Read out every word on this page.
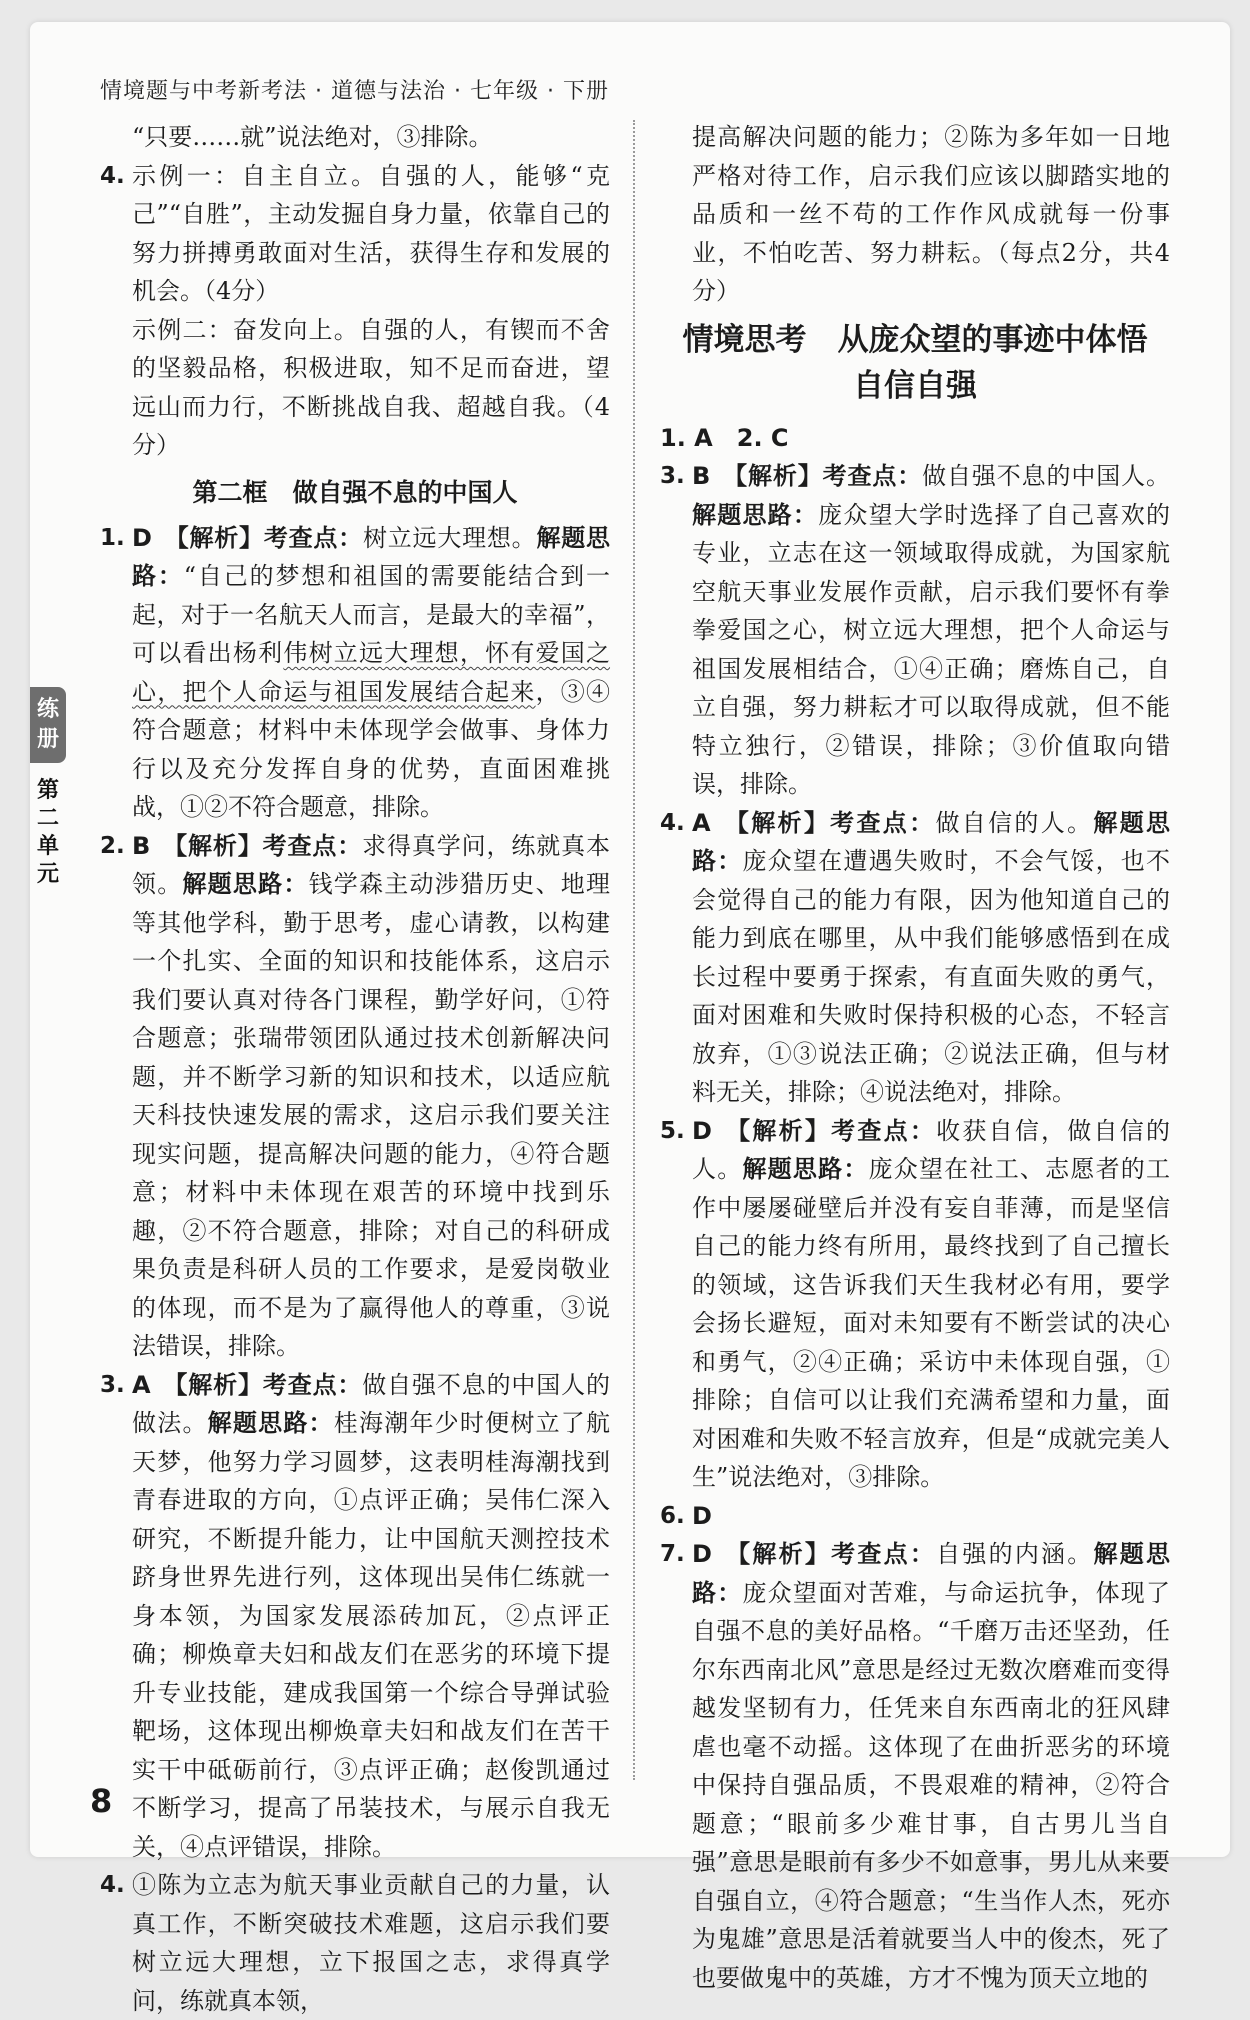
情境题与中考新考法 · 道德与法治 · 七年级 · 下册

“只要……就”说法绝对，③排除。

4. 示例一：自主自立。自强的人，能够“克己”“自胜”，主动发掘自身力量，依靠自己的努力拼搏勇敢面对生活，获得生存和发展的机会。（4分）

示例二：奋发向上。自强的人，有锲而不舍的坚毅品格，积极进取，知不足而奋进，望远山而力行，不断挑战自我、超越自我。（4分）

第二框　做自强不息的中国人
1. D 【解析】考查点：树立远大理想。解题思路：“自己的梦想和祖国的需要能结合到一起，对于一名航天人而言，是最大的幸福”，可以看出杨利伟树立远大理想，怀有爱国之心，把个人命运与祖国发展结合起来，③④符合题意；材料中未体现学会做事、身体力行以及充分发挥自身的优势，直面困难挑战，①②不符合题意，排除。

2. B 【解析】考查点：求得真学问，练就真本领。解题思路：钱学森主动涉猎历史、地理等其他学科，勤于思考，虚心请教，以构建一个扎实、全面的知识和技能体系，这启示我们要认真对待各门课程，勤学好问，①符合题意；张瑞带领团队通过技术创新解决问题，并不断学习新的知识和技术，以适应航天科技快速发展的需求，这启示我们要关注现实问题，提高解决问题的能力，④符合题意；材料中未体现在艰苦的环境中找到乐趣，②不符合题意，排除；对自己的科研成果负责是科研人员的工作要求，是爱岗敬业的体现，而不是为了赢得他人的尊重，③说法错误，排除。

3. A 【解析】考查点：做自强不息的中国人的做法。解题思路：桂海潮年少时便树立了航天梦，他努力学习圆梦，这表明桂海潮找到青春进取的方向，①点评正确；吴伟仁深入研究，不断提升能力，让中国航天测控技术跻身世界先进行列，这体现出吴伟仁练就一身本领，为国家发展添砖加瓦，②点评正确；柳焕章夫妇和战友们在恶劣的环境下提升专业技能，建成我国第一个综合导弹试验靶场，这体现出柳焕章夫妇和战友们在苦干实干中砥砺前行，③点评正确；赵俊凯通过不断学习，提高了吊装技术，与展示自我无关，④点评错误，排除。

4. ①陈为立志为航天事业贡献自己的力量，认真工作，不断突破技术难题，这启示我们要树立远大理想，立下报国之志，求得真学问，练就真本领，

提高解决问题的能力；②陈为多年如一日地严格对待工作，启示我们应该以脚踏实地的品质和一丝不苟的工作作风成就每一份事业，不怕吃苦、努力耕耘。（每点2分，共4分）

情境思考　从庞众望的事迹中体悟
自信自强

1. A　2. C

3. B 【解析】考查点：做自强不息的中国人。解题思路：庞众望大学时选择了自己喜欢的专业，立志在这一领域取得成就，为国家航空航天事业发展作贡献，启示我们要怀有拳拳爱国之心，树立远大理想，把个人命运与祖国发展相结合，①④正确；磨炼自己，自立自强，努力耕耘才可以取得成就，但不能特立独行，②错误，排除；③价值取向错误，排除。

4. A 【解析】考查点：做自信的人。解题思路：庞众望在遭遇失败时，不会气馁，也不会觉得自己的能力有限，因为他知道自己的能力到底在哪里，从中我们能够感悟到在成长过程中要勇于探索，有直面失败的勇气，面对困难和失败时保持积极的心态，不轻言放弃，①③说法正确；②说法正确，但与材料无关，排除；④说法绝对，排除。

5. D 【解析】考查点：收获自信，做自信的人。解题思路：庞众望在社工、志愿者的工作中屡屡碰壁后并没有妄自菲薄，而是坚信自己的能力终有所用，最终找到了自己擅长的领域，这告诉我们天生我材必有用，要学会扬长避短，面对未知要有不断尝试的决心和勇气，②④正确；采访中未体现自强，①排除；自信可以让我们充满希望和力量，面对困难和失败不轻言放弃，但是“成就完美人生”说法绝对，③排除。

6. D

7. D 【解析】考查点：自强的内涵。解题思路：庞众望面对苦难，与命运抗争，体现了自强不息的美好品格。“千磨万击还坚劲，任尔东西南北风”意思是经过无数次磨难而变得越发坚韧有力，任凭来自东西南北的狂风肆虐也毫不动摇。这体现了在曲折恶劣的环境中保持自强品质，不畏艰难的精神，②符合题意；“眼前多少难甘事，自古男儿当自强”意思是眼前有多少不如意事，男儿从来要自强自立，④符合题意；“生当作人杰，死亦为鬼雄”意思是活着就要当人中的俊杰，死了也要做鬼中的英雄，方才不愧为顶天立地的

练册
第二单元
8
